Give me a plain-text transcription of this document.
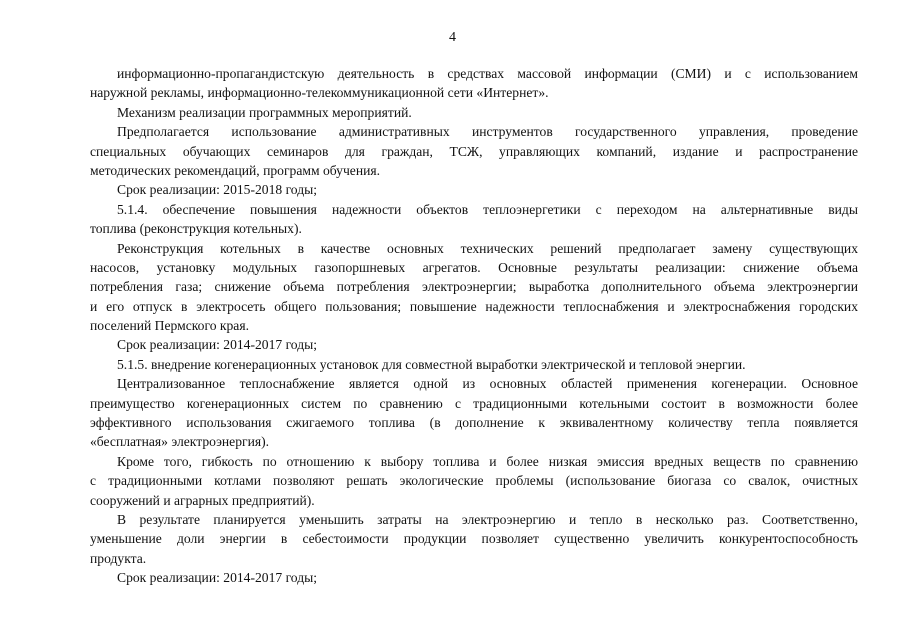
4
информационно-пропагандистскую деятельность в средствах массовой информации (СМИ) и с использованием
наружной рекламы, информационно-телекоммуникационной сети «Интернет».
Механизм реализации программных мероприятий.
Предполагается использование административных инструментов государственного управления, проведение
специальных обучающих семинаров для граждан, ТСЖ, управляющих компаний, издание и распространение
методических рекомендаций, программ обучения.
Срок реализации: 2015-2018 годы;
5.1.4. обеспечение повышения надежности объектов теплоэнергетики с переходом на альтернативные виды
топлива (реконструкция котельных).
Реконструкция котельных в качестве основных технических решений предполагает замену существующих
насосов, установку модульных газопоршневых агрегатов. Основные результаты реализации: снижение объема
потребления газа; снижение объема потребления электроэнергии; выработка дополнительного объема электроэнергии
и его отпуск в электросеть общего пользования; повышение надежности теплоснабжения и электроснабжения городских
поселений Пермского края.
Срок реализации: 2014-2017 годы;
5.1.5. внедрение когенерационных установок для совместной выработки электрической и тепловой энергии.
Централизованное теплоснабжение является одной из основных областей применения когенерации. Основное
преимущество когенерационных систем по сравнению с традиционными котельными состоит в возможности более
эффективного использования сжигаемого топлива (в дополнение к эквивалентному количеству тепла появляется
«бесплатная» электроэнергия).
Кроме того, гибкость по отношению к выбору топлива и более низкая эмиссия вредных веществ по сравнению
с традиционными котлами позволяют решать экологические проблемы (использование биогаза со свалок, очистных
сооружений и аграрных предприятий).
В результате планируется уменьшить затраты на электроэнергию и тепло в несколько раз. Соответственно,
уменьшение доли энергии в себестоимости продукции позволяет существенно увеличить конкурентоспособность
продукта.
Срок реализации: 2014-2017 годы;
